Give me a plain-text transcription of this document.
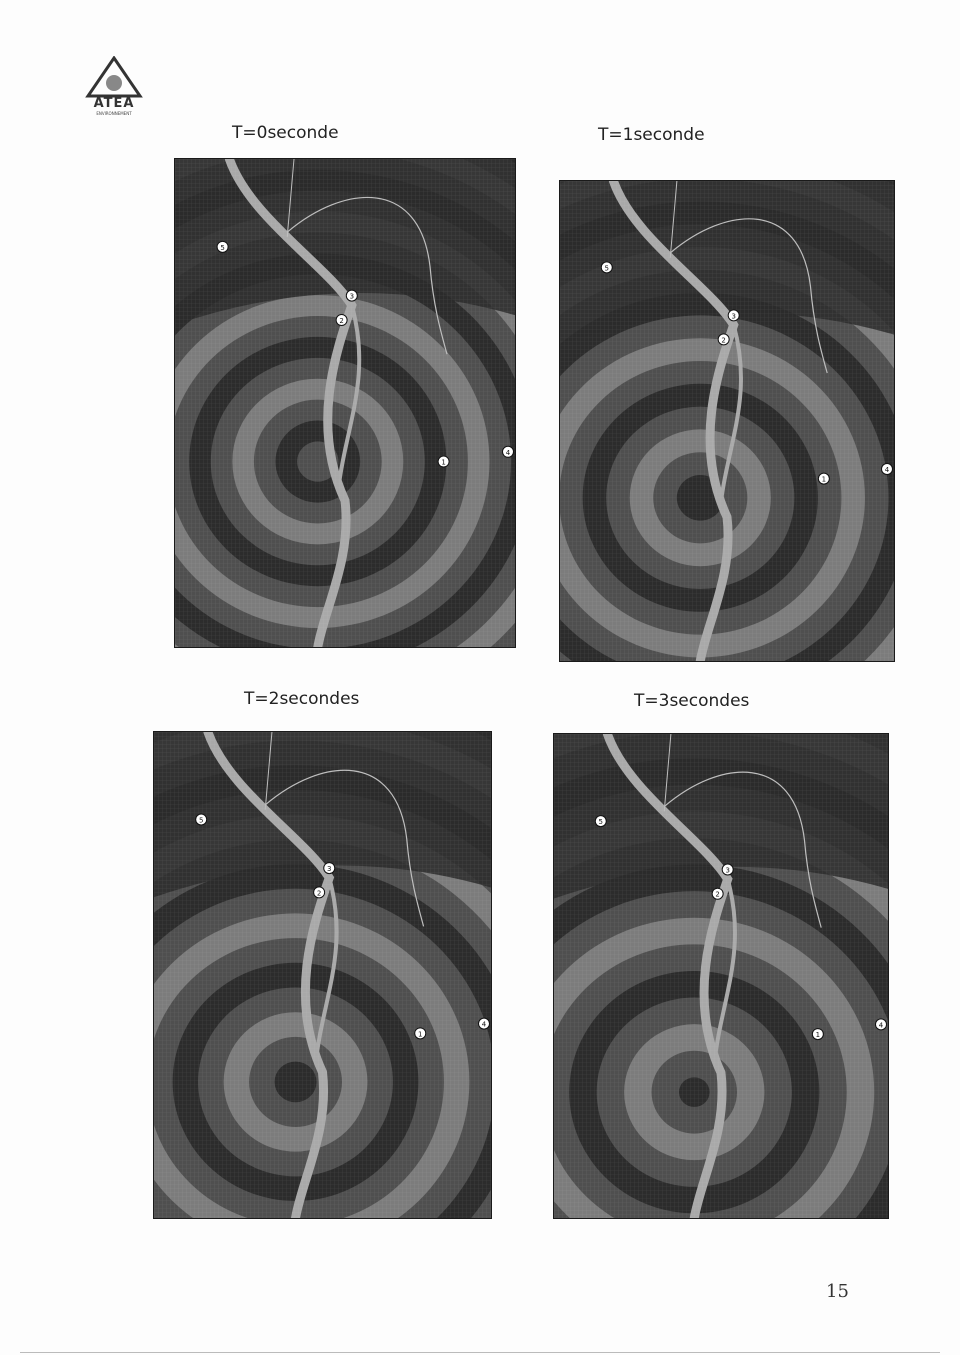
ATEA
ENVIRONNEMENT
T=0seconde	T=1seconde
T=2secondes	T=3secondes
5
3
2
1
4
5
3
2
1
4
5
3
2
1
4
5
3
2
1
4
15
